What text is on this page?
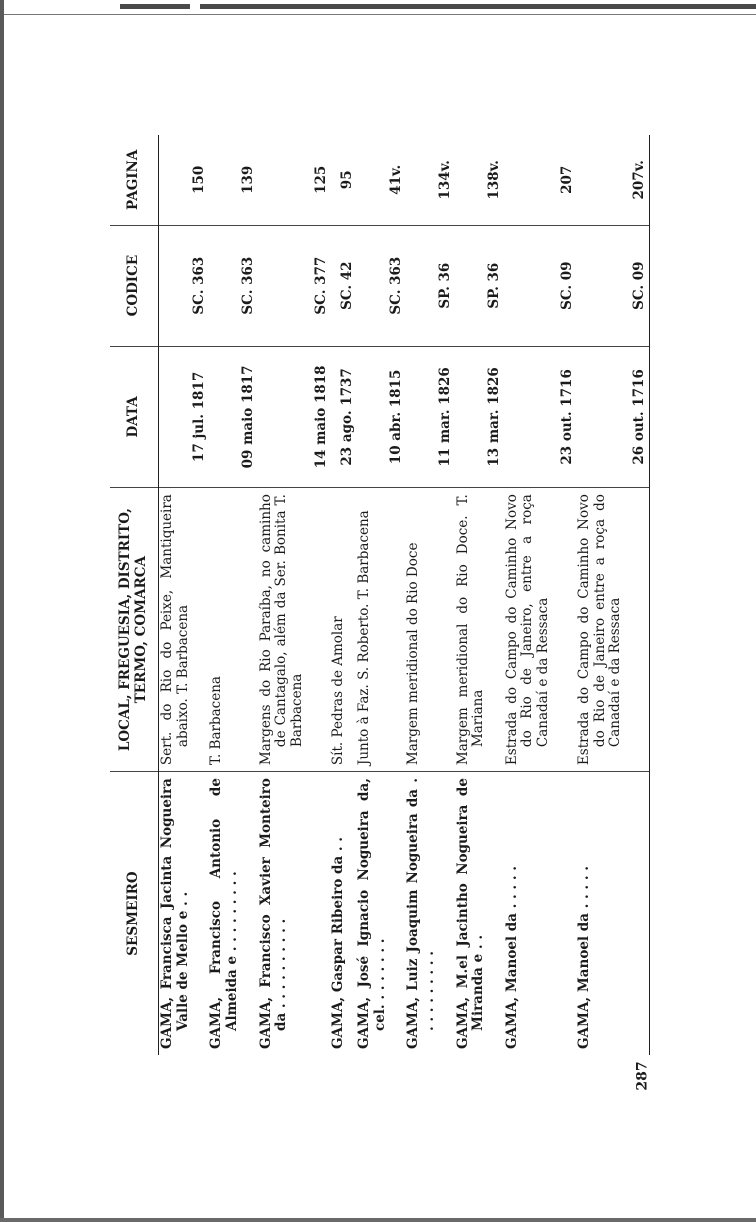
SESMEIRO	LOCAL, FREGUESIA, DISTRITO, TERMO, COMARCA	DATA	CODICE	PAGINA

GAMA, Francisca Jacinta Nogueira Valle de Mello e . .	Sert. do Rio do Peixe, Mantiqueira abaixo. T. Barbacena	17 jul. 1817	SC. 363	150

GAMA, Francisco Antonio de Almeida e . . . . . . . . .	T. Barbacena	09 maio 1817	SC. 363	139

GAMA, Francisco Xavier Monteiro da . . . . . . . . . .	Margens do Rio Paraíba, no caminho de Cantagalo, além da Ser. Bonita T. Barbacena	14 maio 1818	SC. 377	125

GAMA, Gaspar Ribeiro da . .	Sít. Pedras de Amolar	23 ago. 1737	SC. 42	95

GAMA, José Ignacio Nogueira da, cel. . . . . . . .	Junto à Faz. S. Roberto. T. Barbacena	10 abr. 1815	SC. 363	41v.

GAMA, Luiz Joaquim Nogueira da . . . . . . . . . .	Margem meridional do Rio Doce	11 mar. 1826	SP. 36	134v.

GAMA, M.el Jacintho Nogueira de Miranda e . .	Margem meridional do Rio Doce. T. Mariana	13 mar. 1826	SP. 36	138v.

GAMA, Manoel da . . . . .	Estrada do Campo do Caminho Novo do Rio de Janeiro, entre a roça Canadaí e da Ressaca	23 out. 1716	SC. 09	207

GAMA, Manoel da . . . . .	Estrada do Campo do Caminho Novo do Rio de Janeiro entre a roça do Canadaí e da Ressaca	26 out. 1716	SC. 09	207v.
287
